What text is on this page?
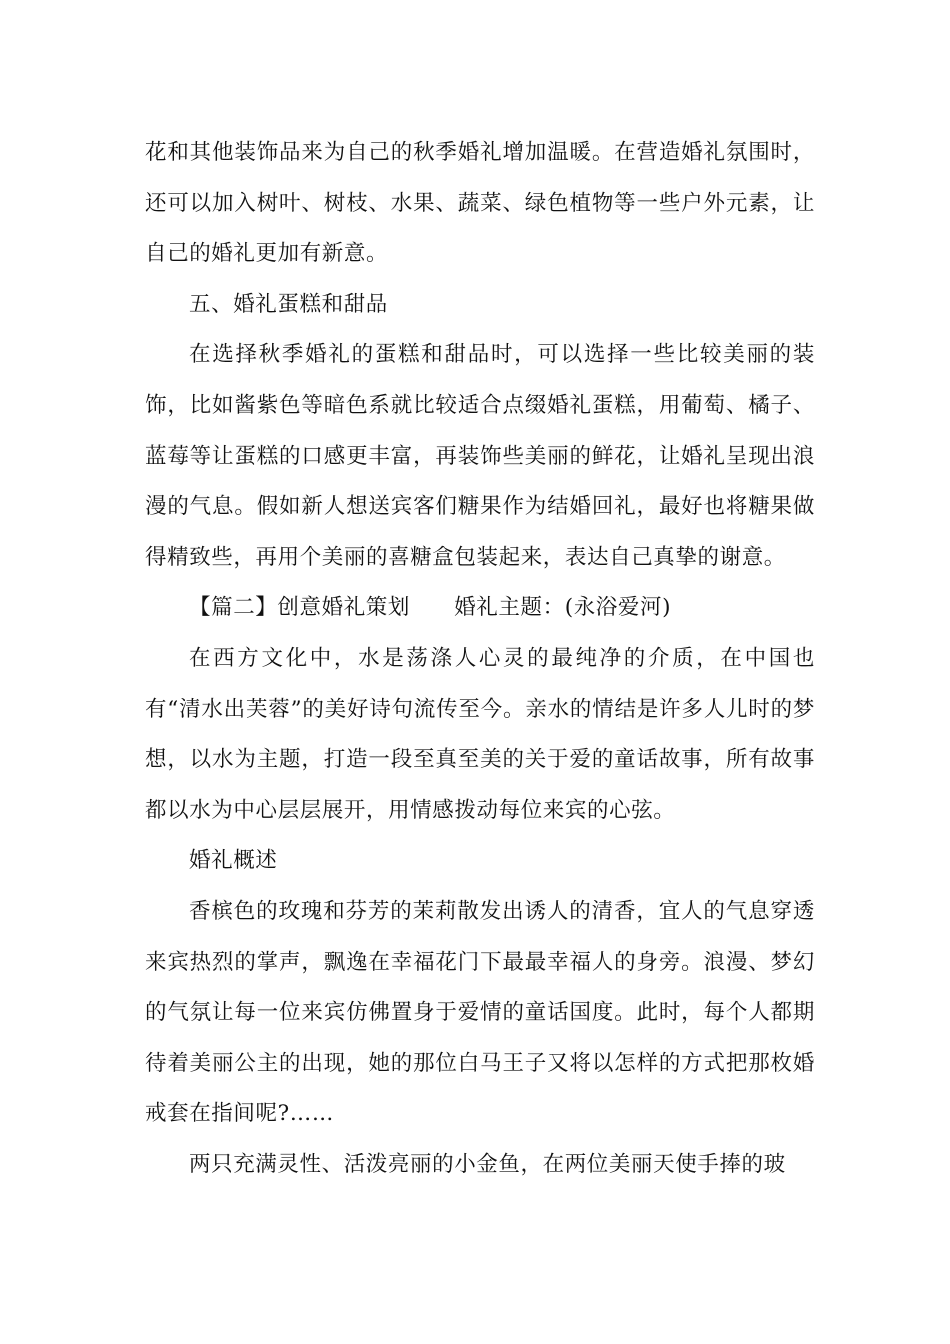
花和其他装饰品来为自己的秋季婚礼增加温暖。在营造婚礼氛围时，还可以加入树叶、树枝、水果、蔬菜、绿色植物等一些户外元素，让自己的婚礼更加有新意。

五、婚礼蛋糕和甜品

在选择秋季婚礼的蛋糕和甜品时，可以选择一些比较美丽的装饰，比如酱紫色等暗色系就比较适合点缀婚礼蛋糕，用葡萄、橘子、蓝莓等让蛋糕的口感更丰富，再装饰些美丽的鲜花，让婚礼呈现出浪漫的气息。假如新人想送宾客们糖果作为结婚回礼，最好也将糖果做得精致些，再用个美丽的喜糖盒包装起来，表达自己真挚的谢意。

【篇二】创意婚礼策划　　婚礼主题：(永浴爱河)

在西方文化中，水是荡涤人心灵的最纯净的介质，在中国也有“清水出芙蓉”的美好诗句流传至今。亲水的情结是许多人儿时的梦想，以水为主题，打造一段至真至美的关于爱的童话故事，所有故事都以水为中心层层展开，用情感拨动每位来宾的心弦。

婚礼概述

香槟色的玫瑰和芬芳的茉莉散发出诱人的清香，宜人的气息穿透来宾热烈的掌声，飘逸在幸福花门下最最幸福人的身旁。浪漫、梦幻的气氛让每一位来宾仿佛置身于爱情的童话国度。此时，每个人都期待着美丽公主的出现，她的那位白马王子又将以怎样的方式把那枚婚戒套在指间呢?……

两只充满灵性、活泼亮丽的小金鱼，在两位美丽天使手捧的玻
